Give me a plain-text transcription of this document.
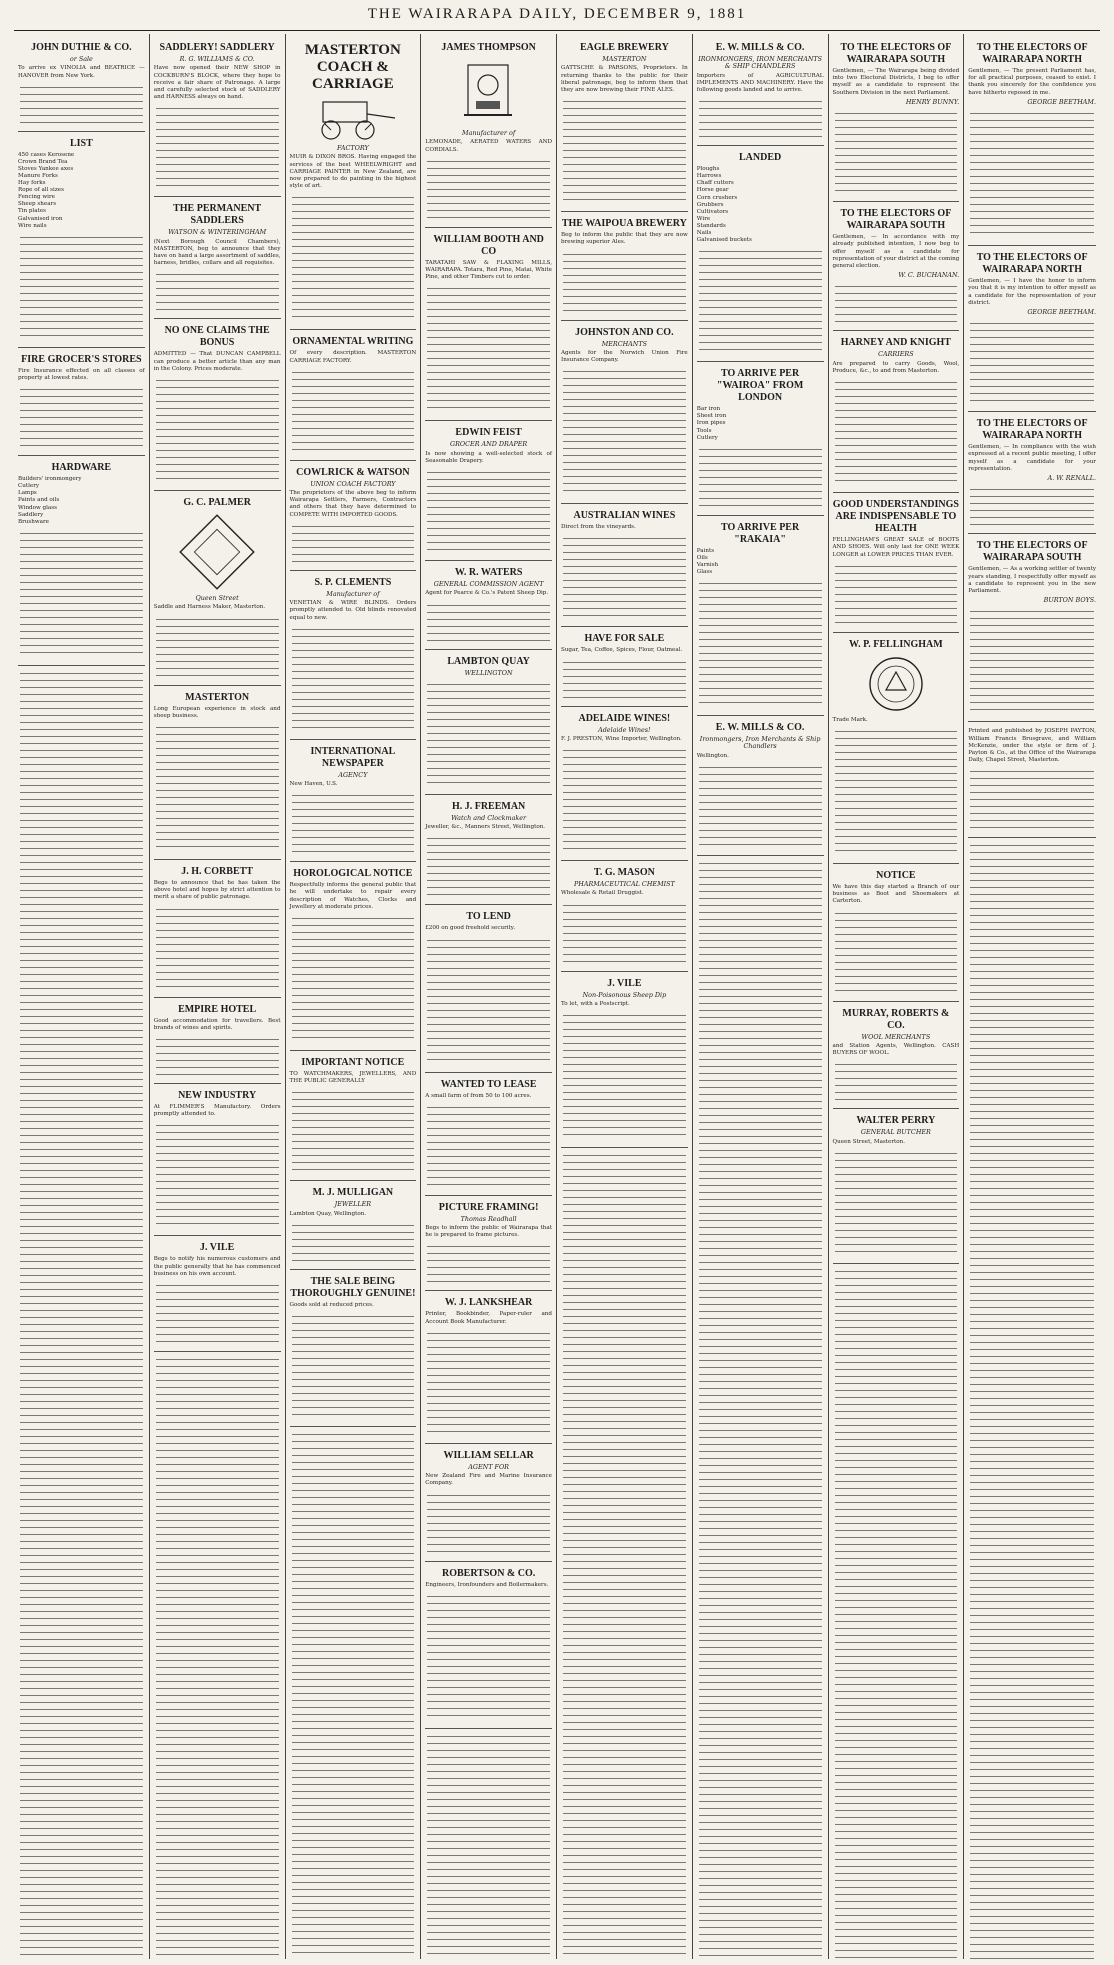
THE WAIRARAPA DAILY, DECEMBER 9, 1881
JOHN DUTHIE & CO.
or Sale
To arrive ex VINOLIA and BEATRICE — HANOVER from New York.
LIST
450 cases Kerosene
Crown Brand Tea
Stoves Yankee axes
Manure Forks
Hay forks
Rope of all sizes
Fencing wire
Sheep shears
Tin plates
Galvanised iron
Wire nails
FIRE GROCER'S STORES
Fire Insurance effected on all classes of property at lowest rates.
HARDWARE
Builders' ironmongery
Cutlery
Lamps
Paints and oils
Window glass
Saddlery
Brushware
SADDLERY! SADDLERY
R. G. WILLIAMS & CO.
Have now opened their NEW SHOP in COCKBURN'S BLOCK, where they hope to receive a fair share of Patronage. A large and carefully selected stock of SADDLERY and HARNESS always on hand.
THE PERMANENT SADDLERS
WATSON & WINTERINGHAM
(Next Borough Council Chambers), MASTERTON, beg to announce that they have on hand a large assortment of saddles, harness, bridles, collars and all requisites.
NO ONE CLAIMS THE BONUS
ADMITTED — That DUNCAN CAMPBELL can produce a better article than any man in the Colony. Prices moderate.
G. C. PALMER
Queen Street
Saddle and Harness Maker, Masterton.
MASTERTON
Long European experience in stock and sheep business.
J. H. CORBETT
Begs to announce that he has taken the above hotel and hopes by strict attention to merit a share of public patronage.
EMPIRE HOTEL
Good accommodation for travellers. Best brands of wines and spirits.
NEW INDUSTRY
At FLIMMER'S Manufactory. Orders promptly attended to.
J. VILE
Begs to notify his numerous customers and the public generally that he has commenced business on his own account.
MASTERTON COACH & CARRIAGE
FACTORY
MUIR & DIXON BROS. Having engaged the services of the best WHEELWRIGHT and CARRIAGE PAINTER in New Zealand, are now prepared to do painting in the highest style of art.
ORNAMENTAL WRITING
Of every description. MASTERTON CARRIAGE FACTORY.
COWLRICK & WATSON
UNION COACH FACTORY
The proprietors of the above beg to inform Wairarapa Settlers, Farmers, Contractors and others that they have determined to COMPETE WITH IMPORTED GOODS.
S. P. CLEMENTS
Manufacturer of
VENETIAN & WIRE BLINDS. Orders promptly attended to. Old blinds renovated equal to new.
INTERNATIONAL NEWSPAPER
AGENCY
New Haven, U.S.
HOROLOGICAL NOTICE
Respectfully informs the general public that he will undertake to repair every description of Watches, Clocks and Jewellery at moderate prices.
IMPORTANT NOTICE
TO WATCHMAKERS, JEWELLERS, AND THE PUBLIC GENERALLY
M. J. MULLIGAN
JEWELLER
Lambton Quay, Wellington.
THE SALE BEING THOROUGHLY GENUINE!
Goods sold at reduced prices.
JAMES THOMPSON
Manufacturer of
LEMONADE, AERATED WATERS AND CORDIALS.
WILLIAM BOOTH AND CO
TARATAHI SAW & FLAXING MILLS, WAIRARAPA. Totara, Red Pine, Matai, White Pine, and other Timbers cut to order.
EDWIN FEIST
GROCER AND DRAPER
Is now showing a well-selected stock of Seasonable Drapery.
W. R. WATERS
GENERAL COMMISSION AGENT
Agent for Pearce & Co.'s Patent Sheep Dip.
LAMBTON QUAY
WELLINGTON
H. J. FREEMAN
Watch and Clockmaker
Jeweller, &c., Manners Street, Wellington.
TO LEND
£200 on good freehold security.
WANTED TO LEASE
A small farm of from 50 to 100 acres.
PICTURE FRAMING!
Thomas Readhall
Begs to inform the public of Wairarapa that he is prepared to frame pictures.
W. J. LANKSHEAR
Printer, Bookbinder, Paper-ruler and Account Book Manufacturer.
WILLIAM SELLAR
AGENT FOR
New Zealand Fire and Marine Insurance Company.
ROBERTSON & CO.
Engineers, Ironfounders and Boilermakers.
EAGLE BREWERY
MASTERTON
GATTSCHE & PARSONS, Proprietors. In returning thanks to the public for their liberal patronage, beg to inform them that they are now brewing their FINE ALES.
THE WAIPOUA BREWERY
Beg to inform the public that they are now brewing superior Ales.
JOHNSTON AND CO.
MERCHANTS
Agents for the Norwich Union Fire Insurance Company.
AUSTRALIAN WINES
Direct from the vineyards.
HAVE FOR SALE
Sugar, Tea, Coffee, Spices, Flour, Oatmeal.
ADELAIDE WINES!
Adelaide Wines!
F. J. PRESTON, Wine Importer, Wellington.
T. G. MASON
PHARMACEUTICAL CHEMIST
Wholesale & Retail Druggist.
J. VILE
Non-Poisonous Sheep Dip
To let, with a Postscript.
E. W. MILLS & CO.
IRONMONGERS, IRON MERCHANTS & SHIP CHANDLERS
Importers of AGRICULTURAL IMPLEMENTS AND MACHINERY. Have the following goods landed and to arrive.
LANDED
Ploughs
Harrows
Chaff cutters
Horse gear
Corn crushers
Grubbers
Cultivators
Wire
Standards
Nails
Galvanised buckets
TO ARRIVE PER "WAIROA" FROM LONDON
Bar iron
Sheet iron
Iron pipes
Tools
Cutlery
TO ARRIVE PER "RAKAIA"
Paints
Oils
Varnish
Glass
E. W. MILLS & CO.
Ironmongers, Iron Merchants & Ship Chandlers
Wellington.
TO THE ELECTORS OF WAIRARAPA SOUTH
Gentlemen, — The Wairarapa being divided into two Electoral Districts, I beg to offer myself as a candidate to represent the Southern Division in the next Parliament.
HENRY BUNNY.
TO THE ELECTORS OF WAIRARAPA SOUTH
Gentlemen, — In accordance with my already published intention, I now beg to offer myself as a candidate for representation of your district at the coming general election.
W. C. BUCHANAN.
HARNEY AND KNIGHT
CARRIERS
Are prepared to carry Goods, Wool, Produce, &c., to and from Masterton.
GOOD UNDERSTANDINGS ARE INDISPENSABLE TO HEALTH
FELLINGHAM'S GREAT SALE of BOOTS AND SHOES. Will only last for ONE WEEK LONGER at LOWER PRICES THAN EVER.
W. P. FELLINGHAM
Trade Mark.
NOTICE
We have this day started a Branch of our business as Boot and Shoemakers at Carterton.
MURRAY, ROBERTS & CO.
WOOL MERCHANTS
and Station Agents, Wellington. CASH BUYERS OF WOOL.
WALTER PERRY
GENERAL BUTCHER
Queen Street, Masterton.
TO THE ELECTORS OF WAIRARAPA NORTH
Gentlemen, — The present Parliament has, for all practical purposes, ceased to exist. I thank you sincerely for the confidence you have hitherto reposed in me.
GEORGE BEETHAM.
TO THE ELECTORS OF WAIRARAPA NORTH
Gentlemen, — I have the honor to inform you that it is my intention to offer myself as a candidate for the representation of your district.
GEORGE BEETHAM.
TO THE ELECTORS OF WAIRARAPA NORTH
Gentlemen, — In compliance with the wish expressed at a recent public meeting, I offer myself as a candidate for your representation.
A. W. RENALL.
TO THE ELECTORS OF WAIRARAPA SOUTH
Gentlemen, — As a working settler of twenty years standing, I respectfully offer myself as a candidate to represent you in the new Parliament.
BURTON BOYS.
Printed and published by JOSEPH PAYTON, William Francis Brusgrave, and William McKenzie, under the style or firm of J. Payton & Co., at the Office of the Wairarapa Daily, Chapel Street, Masterton.
